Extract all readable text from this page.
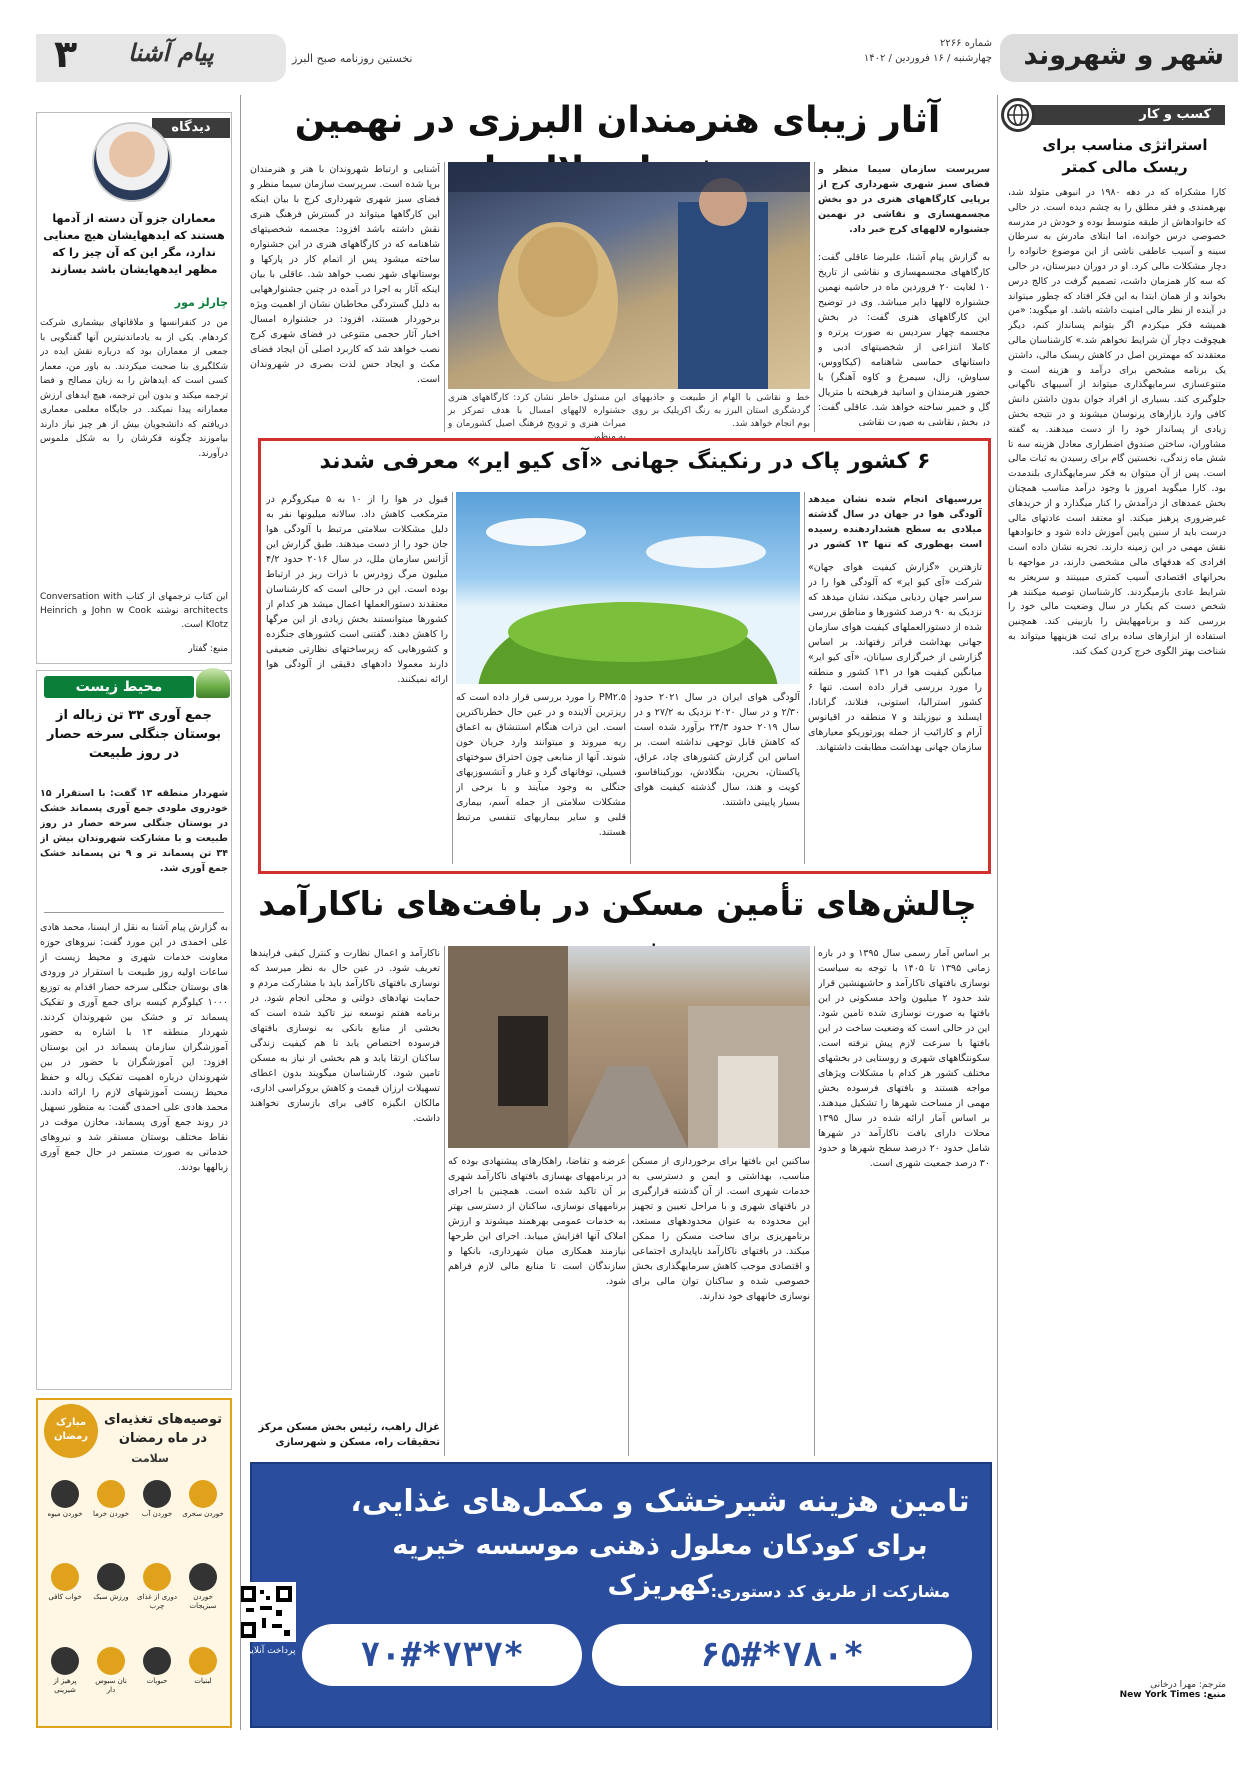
شهر و شهروند
شماره ۲۲۶۶
چهارشنبه / ۱۶ فروردین / ۱۴۰۲
۳ پیام آشنا	نخستین روزنامه صبح البرز
کسب و کار
استراتژی مناسب برای ریسک مالی کمتر
کارا مشکراه که در دهه ۱۹۸۰ در انبوهی متولد شد، بهرهمندی و فقر مطلق را به چشم دیده است. در حالی که خانوادهاش از طبقه متوسط بوده و خودش در مدرسه خصوصی درس خوانده، اما ابتلای مادرش به سرطان سینه و آسیب عاطفی ناشی از این موضوع خانواده را دچار مشکلات مالی کرد. او در دوران دبیرستان، در حالی که سه کار همزمان داشت، تصمیم گرفت در کالج درس بخواند و از همان ابتدا به این فکر افتاد که چطور میتواند در آینده از نظر مالی امنیت داشته باشد. او میگوید: «من همیشه فکر میکردم اگر بتوانم پسانداز کنم، دیگر هیچوقت دچار آن شرایط نخواهم شد.» کارشناسان مالی معتقدند که مهمترین اصل در کاهش ریسک مالی، داشتن یک برنامه مشخص برای درآمد و هزینه است و متنوعسازی سرمایهگذاری میتواند از آسیبهای ناگهانی جلوگیری کند. بسیاری از افراد جوان بدون داشتن دانش کافی وارد بازارهای پرنوسان میشوند و در نتیجه بخش زیادی از پسانداز خود را از دست میدهند. به گفته مشاوران، ساختن صندوق اضطراری معادل هزینه سه تا شش ماه زندگی، نخستین گام برای رسیدن به ثبات مالی است. پس از آن میتوان به فکر سرمایهگذاری بلندمدت بود. کارا میگوید امروز با وجود درآمد مناسب همچنان بخش عمدهای از درآمدش را کنار میگذارد و از خریدهای غیرضروری پرهیز میکند. او معتقد است عادتهای مالی درست باید از سنین پایین آموزش داده شود و خانوادهها نقش مهمی در این زمینه دارند. تجربه نشان داده است افرادی که هدفهای مالی مشخصی دارند، در مواجهه با بحرانهای اقتصادی آسیب کمتری میبینند و سریعتر به شرایط عادی بازمیگردند. کارشناسان توصیه میکنند هر شخص دست کم یکبار در سال وضعیت مالی خود را بررسی کند و برنامههایش را بازبینی کند. همچنین استفاده از ابزارهای ساده برای ثبت هزینهها میتواند به شناخت بهتر الگوی خرج کردن کمک کند.
مترجم: مهرا درخانی
منبع: New York Times
آثار زیبای هنرمندان البرزی در نهمین
سرپرست سازمان سیما منظر و فضای سبز شهری شهرداری کرج از برپایی کارگاههای هنری در دو بخش مجسمهسازی و نقاشی در نهمین جشنواره لالههای کرج خبر داد.
به گزارش پیام آشنا، علیرضا عاقلی گفت: کارگاههای مجسمهسازی و نقاشی از تاریخ ۱۰ لغایت ۲۰ فروردین ماه در حاشیه نهمین جشنواره لالهها دایر میباشد. وی در توضیح این کارگاههای هنری گفت: در بخش مجسمه چهار سردیس به صورت پرتره و کاملا انتزاعی از شخصیتهای ادبی و داستانهای حماسی شاهنامه (کیکاووس، سیاوش، زال، سیمرغ و کاوه آهنگر) با حضور هنرمندان و اساتید فرهیخته با متریال گل و خمیر ساخته خواهد شد. عاقلی گفت: در بخش نقاشی به صورت نقاشی
خط و نقاشی با الهام از طبیعت و جاذبههای گردشگری استان البرز به رنگ اکریلیک بر روی بوم انجام خواهد شد.
این مسئول خاطر نشان کرد: کارگاههای هنری جشنواره لالههای امسال با هدف تمرکز بر میراث هنری و ترویج فرهنگ اصیل کشورمان و به منظور
آشنایی و ارتباط شهروندان با هنر و هنرمندان برپا شده است. سرپرست سازمان سیما منظر و فضای سبز شهری شهرداری کرج با بیان اینکه این کارگاهها میتواند در گسترش فرهنگ هنری نقش داشته باشد افزود: مجسمه شخصیتهای شاهنامه که در کارگاههای هنری در این جشنواره ساخته میشود پس از اتمام کار در پارکها و بوستانهای شهر نصب خواهد شد. عاقلی با بیان اینکه آثار به اجرا در آمده در چنین جشنوارههایی به دلیل گستردگی مخاطبان نشان از اهمیت ویژه برخوردار هستند، افزود: در جشنواره امسال اخبار آثار حجمی متنوعی در فضای شهری کرج نصب خواهد شد که کاربرد اصلی آن ایجاد فضای مکث و ایجاد حس لذت بصری در شهروندان است.
۶ کشور پاک در رنکینگ جهانی «آی کیو ایر» معرفی شدند
بررسیهای انجام شده نشان میدهد آلودگی هوا در جهان در سال گذشته میلادی به سطح هشداردهنده رسیده است بهطوری که تنها ۱۳ کشور در
تازهترین «گزارش کیفیت هوای جهان» شرکت «آی کیو ایر» که آلودگی هوا را در سراسر جهان ردیابی میکند، نشان میدهد که نزدیک به ۹۰ درصد کشورها و مناطق بررسی شده از دستورالعملهای کیفیت هوای سازمان جهانی بهداشت فراتر رفتهاند. بر اساس گزارشی از خبرگزاری سیانان، «آی کیو ایر» میانگین کیفیت هوا در ۱۳۱ کشور و منطقه را مورد بررسی قرار داده است. تنها ۶ کشور استرالیا، استونی، فنلاند، گرانادا، ایسلند و نیوزیلند و ۷ منطقه در اقیانوس آرام و کارائیب از جمله پورتوریکو معیارهای سازمان جهانی بهداشت مطابقت داشتهاند.
آلودگی هوای ایران در سال ۲۰۲۱ حدود ۲/۳۰ و در سال ۲۰۲۰ نزدیک به ۲۷/۲ و در سال ۲۰۱۹ حدود ۲۴/۳ برآورد شده است که کاهش قابل توجهی نداشته است. بر اساس این گزارش کشورهای چاد، عراق، پاکستان، بحرین، بنگلادش، بورکینافاسو، کویت و هند، سال گذشته کیفیت هوای بسیار پایینی داشتند.
PM۲.۵ را مورد بررسی قرار داده است که ریزترین آلاینده و در عین حال خطرناکترین است. این ذرات هنگام استنشاق به اعماق ریه میروند و میتوانند وارد جریان خون شوند. آنها از منابعی چون احتراق سوختهای فسیلی، توفانهای گرد و غبار و آتشسوزیهای جنگلی به وجود میآیند و با برخی از مشکلات سلامتی از جمله آسم، بیماری قلبی و سایر بیماریهای تنفسی مرتبط هستند.
قبول در هوا را از ۱۰ به ۵ میکروگرم در مترمکعب کاهش داد. سالانه میلیونها نفر به دلیل مشکلات سلامتی مرتبط با آلودگی هوا جان خود را از دست میدهند. طبق گزارش این آژانس سازمان ملل، در سال ۲۰۱۶ حدود ۴/۲ میلیون مرگ زودرس با ذرات ریز در ارتباط بوده است. این در حالی است که کارشناسان معتقدند دستورالعملها اعمال میشد هر کدام از کشورها میتوانستند بخش زیادی از این مرگها را کاهش دهند. گفتنی است کشورهای جنگزده و کشورهایی که زیرساختهای نظارتی ضعیفی دارند معمولا دادههای دقیقی از آلودگی هوا ارائه نمیکنند.
چالش‌های تأمین مسکن در بافت‌های ناکارآمد
بر اساس آمار رسمی سال ۱۳۹۵ و در بازه زمانی ۱۳۹۵ تا ۱۴۰۵ با توجه به سیاست نوسازی بافتهای ناکارآمد و حاشیهنشین قرار شد حدود ۲ میلیون واحد مسکونی در این بافتها به صورت نوسازی شده تامین شود. این در حالی است که وضعیت ساخت در این بافتها با سرعت لازم پیش نرفته است. سکونتگاههای شهری و روستایی در بخشهای مختلف کشور هر کدام با مشکلات ویژهای مواجه هستند و بافتهای فرسوده بخش مهمی از مساحت شهرها را تشکیل میدهند. بر اساس آمار ارائه شده در سال ۱۳۹۵ محلات دارای بافت ناکارآمد در شهرها شامل حدود ۲۰ درصد سطح شهرها و حدود ۳۰ درصد جمعیت شهری است.
ساکنین این بافتها برای برخورداری از مسکن مناسب، بهداشتی و ایمن و دسترسی به خدمات شهری است. از آن گذشته قرارگیری در بافتهای شهری و با مراحل تعیین و تجهیز این محدوده به عنوان محدودههای مستعد، برنامهریزی برای ساخت مسکن را ممکن میکند. در بافتهای ناکارآمد ناپایداری اجتماعی و اقتصادی موجب کاهش سرمایهگذاری بخش خصوصی شده و ساکنان توان مالی برای نوسازی خانههای خود ندارند.
عرضه و تقاضا، راهکارهای پیشنهادی بوده که در برنامههای بهسازی بافتهای ناکارآمد شهری بر آن تاکید شده است. همچنین با اجرای برنامههای نوسازی، ساکنان از دسترسی بهتر به خدمات عمومی بهرهمند میشوند و ارزش املاک آنها افزایش مییابد. اجرای این طرحها نیازمند همکاری میان شهرداری، بانکها و سازندگان است تا منابع مالی لازم فراهم شود.
ناکارآمد و اعمال نظارت و کنترل کیفی فرایندها تعریف شود. در عین حال به نظر میرسد که نوسازی بافتهای ناکارآمد باید با مشارکت مردم و حمایت نهادهای دولتی و محلی انجام شود. در برنامه هفتم توسعه نیز تاکید شده است که بخشی از منابع بانکی به نوسازی بافتهای فرسوده اختصاص یابد تا هم کیفیت زندگی ساکنان ارتقا یابد و هم بخشی از نیاز به مسکن تامین شود. کارشناسان میگویند بدون اعطای تسهیلات ارزان قیمت و کاهش بروکراسی اداری، مالکان انگیزه کافی برای بازسازی نخواهند داشت.
غزال راهب، رئیس بخش مسکن مرکز تحقیقات راه، مسکن و شهرسازی
تامین هزینه شیرخشک و مکمل‌های غذایی،
برای کودکان معلول ذهنی موسسه خیریه کهریزک
مشارکت از طریق کد دستوری:
*۷۸۰*۶۵#
*۷۳۷*۷۰#
پرداخت آنلاین
دیدگاه
معماران جزو آن دسته از آدمها هستند که ایدههایشان هیچ معنایی ندارد، مگر این که آن چیز را که مظهر ایدههایشان باشد بسازند
چارلز مور
من در کنفرانسها و ملاقاتهای بیشماری شرکت کردهام. یکی از به یادماندنیترین آنها گفتگویی با جمعی از معماران بود که درباره نقش ایده در شکلگیری بنا صحبت میکردند. به باور من، معمار کسی است که ایدهاش را به زبان مصالح و فضا ترجمه میکند و بدون این ترجمه، هیچ ایدهای ارزش معمارانه پیدا نمیکند. در جایگاه معلمی معماری دریافتم که دانشجویان بیش از هر چیز نیاز دارند بیاموزند چگونه فکرشان را به شکل ملموس درآورند.
این کتاب ترجمهای از کتاب Conversation with architects نوشته John w Cook و Heinrich Klotz است.
منبع: گفتار
محیط زیست
جمع آوری ۳۳ تن زباله از بوستان جنگلی سرخه حصار در روز طبیعت
شهردار منطقه ۱۳ گفت: با استقرار ۱۵ خودروی ملودی جمع آوری پسماند خشک در بوستان جنگلی سرخه حصار در روز طبیعت و با مشارکت شهروندان بیش از ۳۴ تن پسماند تر و ۹ تن پسماند خشک جمع آوری شد.
به گزارش پیام آشنا به نقل از ایسنا، محمد هادی علی احمدی در این مورد گفت: نیروهای حوزه معاونت خدمات شهری و محیط زیست از ساعات اولیه روز طبیعت با استقرار در ورودی های بوستان جنگلی سرخه حصار اقدام به توزیع ۱۰۰۰ کیلوگرم کیسه برای جمع آوری و تفکیک پسماند تر و خشک بین شهروندان کردند. شهردار منطقه ۱۳ با اشاره به حضور آموزشگران سازمان پسماند در این بوستان افزود: این آموزشگران با حضور در بین شهروندان درباره اهمیت تفکیک زباله و حفظ محیط زیست آموزشهای لازم را ارائه دادند. محمد هادی علی احمدی گفت: به منظور تسهیل در روند جمع آوری پسماند، مخازن موقت در نقاط مختلف بوستان مستقر شد و نیروهای خدماتی به صورت مستمر در حال جمع آوری زبالهها بودند.
توصیه‌های تغذیه‌ای در ماه رمضان
مبارک رمضان
سلامت
خوردن سحری
خوردن آب
خوردن خرما
خوردن میوه
خوردن سبزیجات
دوری از غذای چرب
ورزش سبک
خواب کافی
لبنیات
حبوبات
نان سبوس دار
پرهیز از شیرینی
